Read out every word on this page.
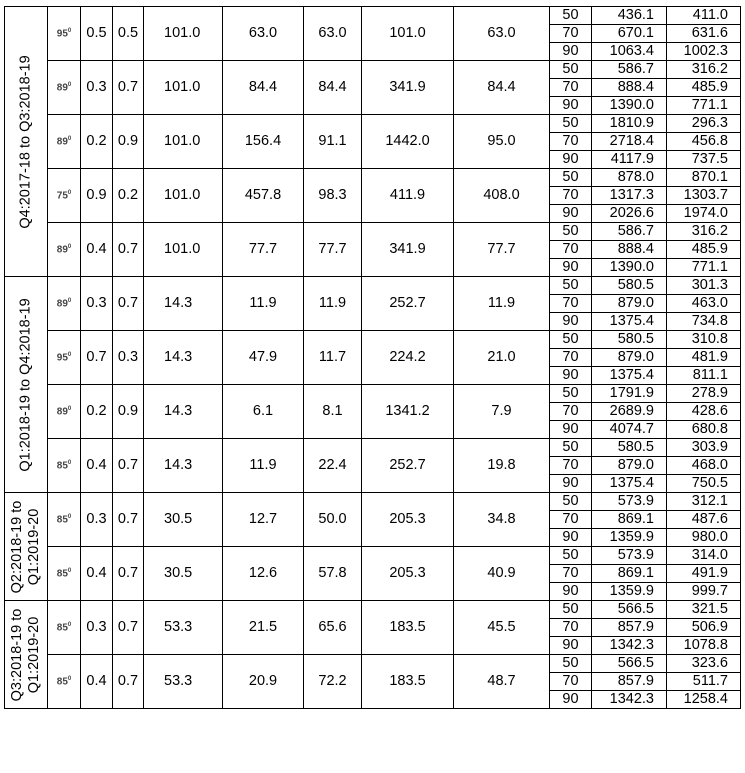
Q4:2017-18 to Q3:2018-19	$95^0$	0.5	0.5	101.0	63.0	63.0	101.0	63.0	50	436.1	411.0
									70	670.1	631.6
									90	1063.4	1002.3
	$89^0$	0.3	0.7	101.0	84.4	84.4	341.9	84.4	50	586.7	316.2
									70	888.4	485.9
									90	1390.0	771.1
	$89^0$	0.2	0.9	101.0	156.4	91.1	1442.0	95.0	50	1810.9	296.3
									70	2718.4	456.8
									90	4117.9	737.5
	$75^0$	0.9	0.2	101.0	457.8	98.3	411.9	408.0	50	878.0	870.1
									70	1317.3	1303.7
									90	2026.6	1974.0
	$89^0$	0.4	0.7	101.0	77.7	77.7	341.9	77.7	50	586.7	316.2
									70	888.4	485.9
									90	1390.0	771.1

Q1:2018-19 to Q4:2018-19	$89^0$	0.3	0.7	14.3	11.9	11.9	252.7	11.9	50	580.5	301.3
									70	879.0	463.0
									90	1375.4	734.8
	$95^0$	0.7	0.3	14.3	47.9	11.7	224.2	21.0	50	580.5	310.8
									70	879.0	481.9
									90	1375.4	811.1
	$89^0$	0.2	0.9	14.3	6.1	8.1	1341.2	7.9	50	1791.9	278.9
									70	2689.9	428.6
									90	4074.7	680.8
	$85^0$	0.4	0.7	14.3	11.9	22.4	252.7	19.8	50	580.5	303.9
									70	879.0	468.0
									90	1375.4	750.5

Q2:2018-19 to Q1:2019-20	$85^0$	0.3	0.7	30.5	12.7	50.0	205.3	34.8	50	573.9	312.1
									70	869.1	487.6
									90	1359.9	980.0
	$85^0$	0.4	0.7	30.5	12.6	57.8	205.3	40.9	50	573.9	314.0
									70	869.1	491.9
									90	1359.9	999.7

Q3:2018-19 to Q1:2019-20	$85^0$	0.3	0.7	53.3	21.5	65.6	183.5	45.5	50	566.5	321.5
									70	857.9	506.9
									90	1342.3	1078.8
	$85^0$	0.4	0.7	53.3	20.9	72.2	183.5	48.7	50	566.5	323.6
									70	857.9	511.7
									90	1342.3	1258.4
